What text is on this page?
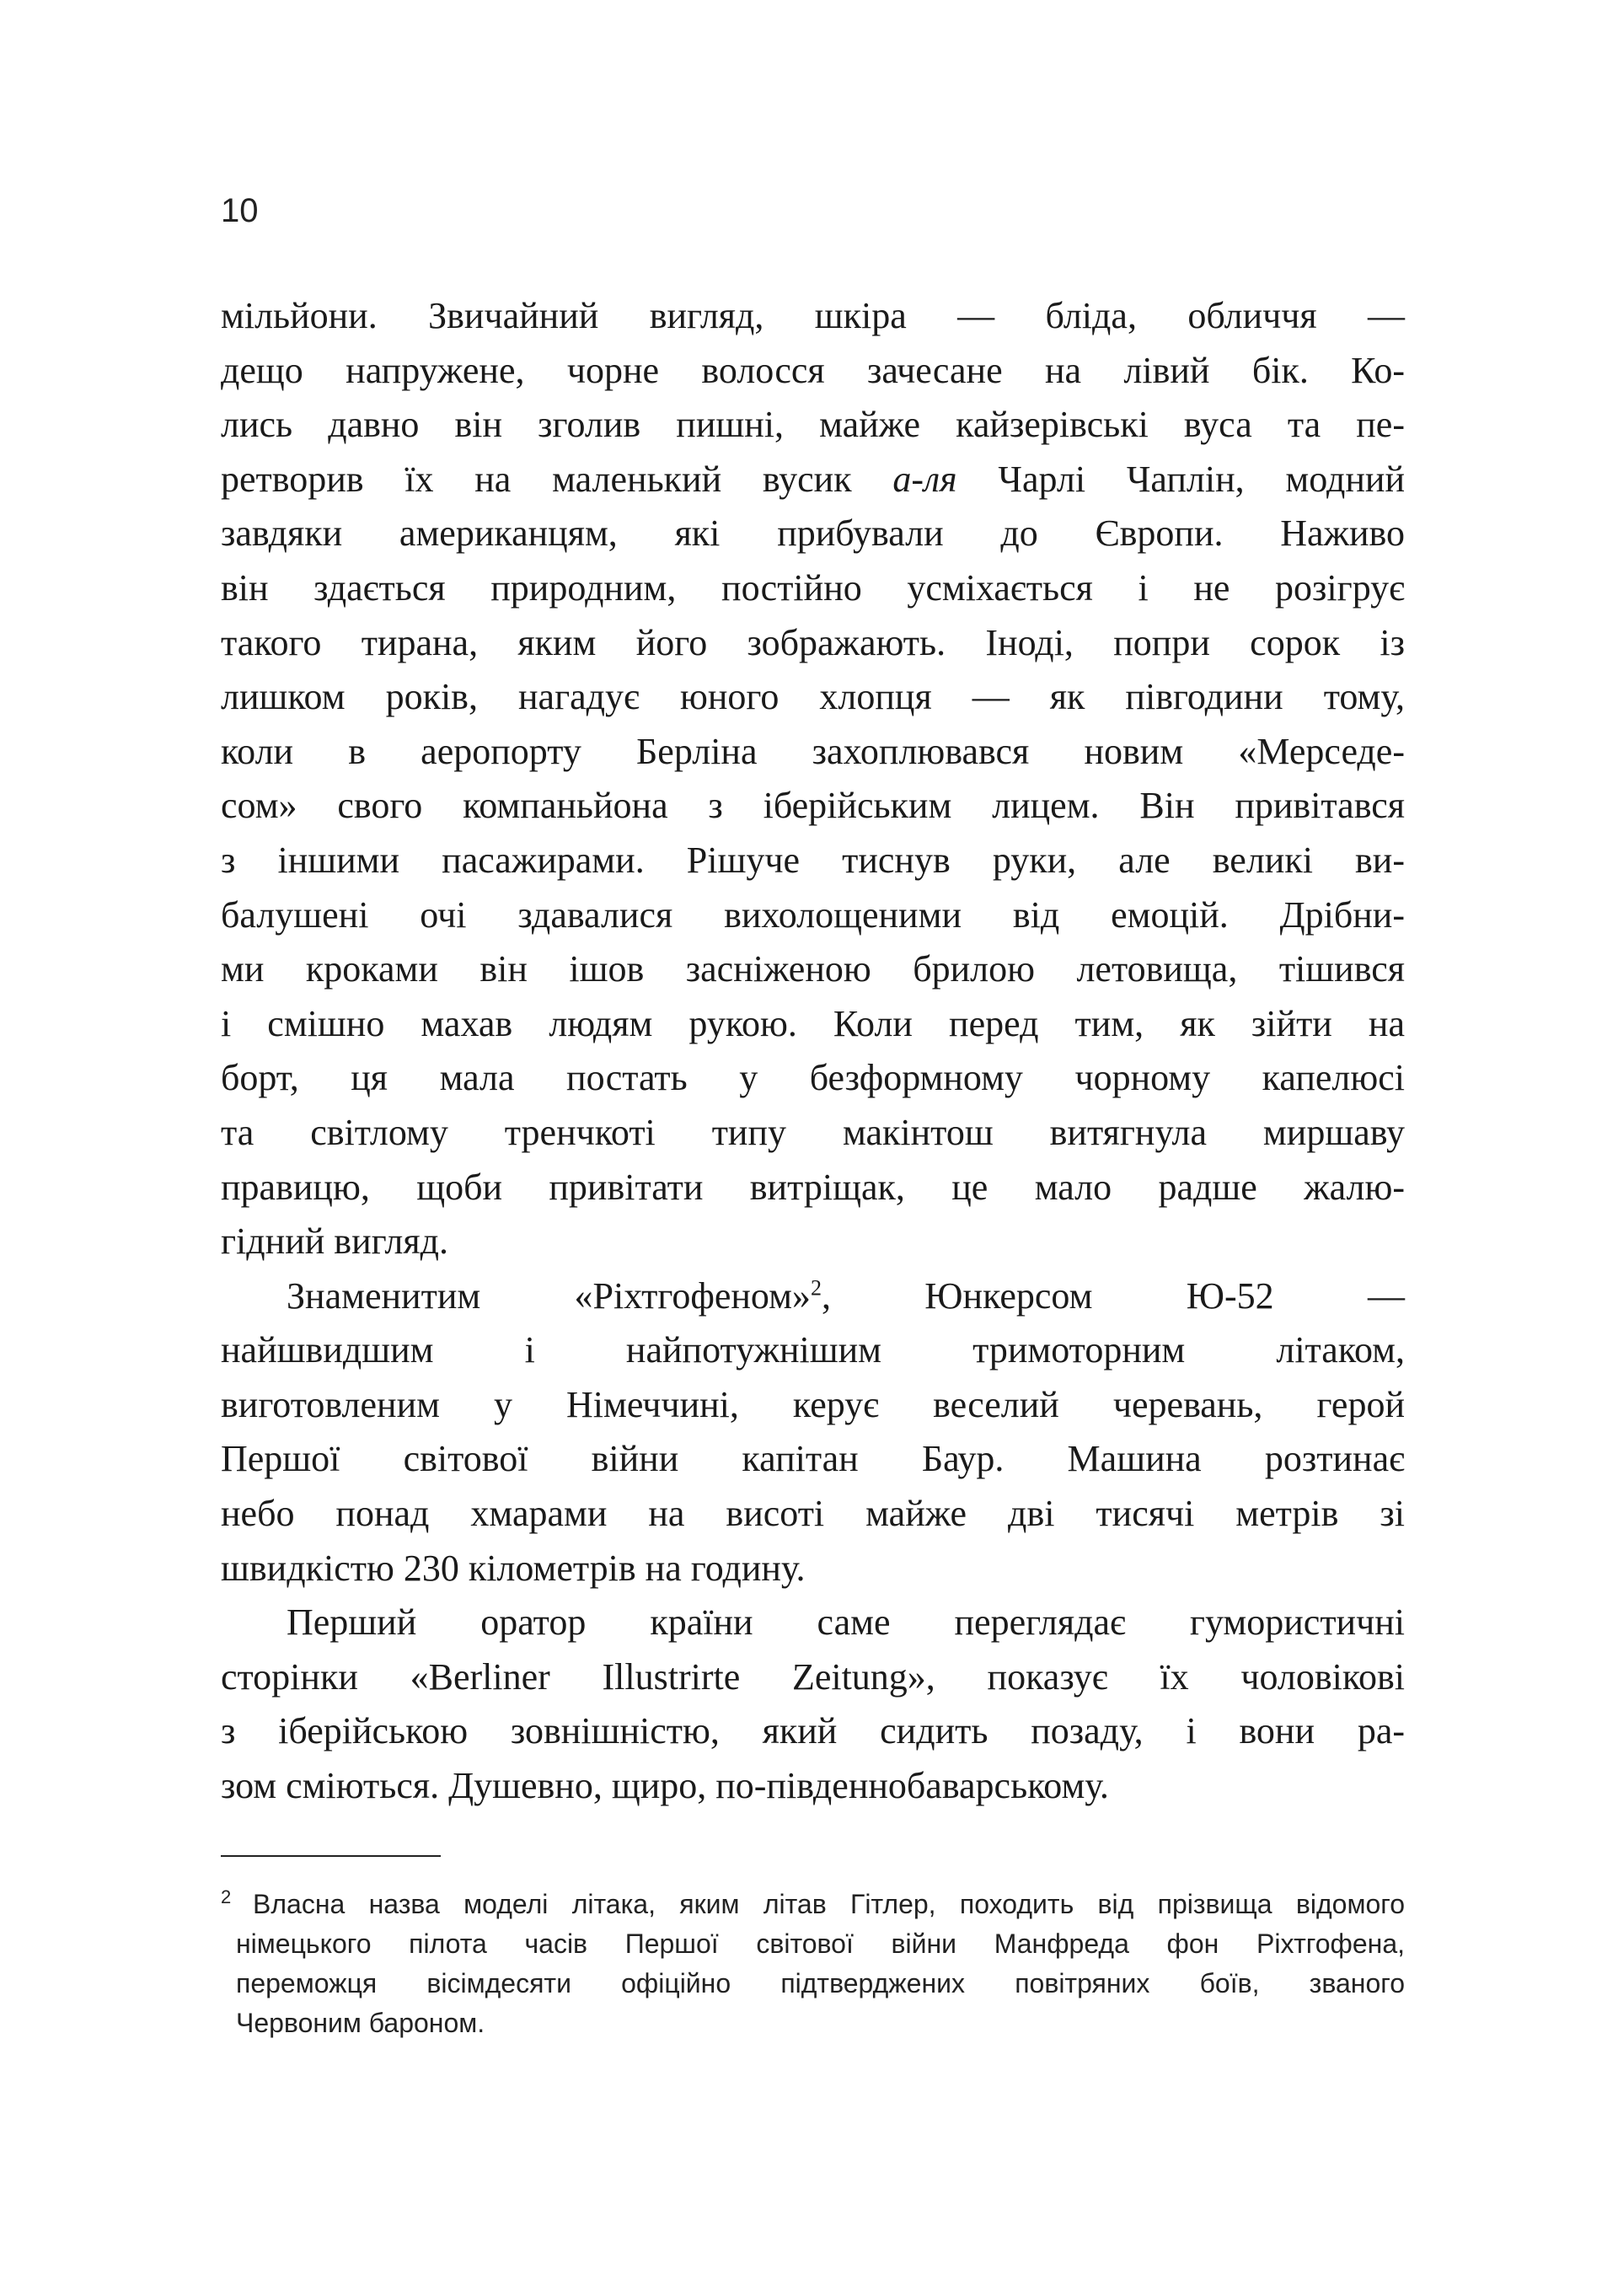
10
мільйони. Звичайний вигляд, шкіра — бліда, обличчя —
дещо напружене, чорне волосся зачесане на лівий бік. Ко-
лись давно він зголив пишні, майже кайзерівські вуса та пе-
ретворив їх на маленький вусик а-ля Чарлі Чаплін, модний
завдяки американцям, які прибували до Європи. Наживо
він здається природним, постійно усміхається і не розігрує
такого тирана, яким його зображають. Іноді, попри сорок із
лишком років, нагадує юного хлопця — як півгодини тому,
коли в аеропорту Берліна захоплювався новим «Мерседе-
сом» свого компаньйона з іберійським лицем. Він привітався
з іншими пасажирами. Рішуче тиснув руки, але великі ви-
балушені очі здавалися вихолощеними від емоцій. Дрібни-
ми кроками він ішов засніженою брилою летовища, тішився
і смішно махав людям рукою. Коли перед тим, як зійти на
борт, ця мала постать у безформному чорному капелюсі
та світлому тренчкоті типу макінтош витягнула миршаву
правицю, щоби привітати витріщак, це мало радше жалю-
гідний вигляд.
Знаменитим «Ріхтгофеном»$^2$, Юнкерсом Ю-52 —
найшвидшим і найпотужнішим тримоторним літаком,
виготовленим у Німеччині, керує веселий черевань, герой
Першої світової війни капітан Баур. Машина розтинає
небо понад хмарами на висоті майже дві тисячі метрів зі
швидкістю 230 кілометрів на годину.
Перший оратор країни саме переглядає гумористичні
сторінки «Berliner Illustrirte Zeitung», показує їх чоловікові
з іберійською зовнішністю, який сидить позаду, і вони ра-
зом сміються. Душевно, щиро, по-південнобаварському.
2 Власна назва моделі літака, яким літав Гітлер, походить від прізвища відомого
німецького пілота часів Першої світової війни Манфреда фон Ріхтгофена,
переможця вісімдесяти офіційно підтверджених повітряних боїв, званого
Червоним бароном.
